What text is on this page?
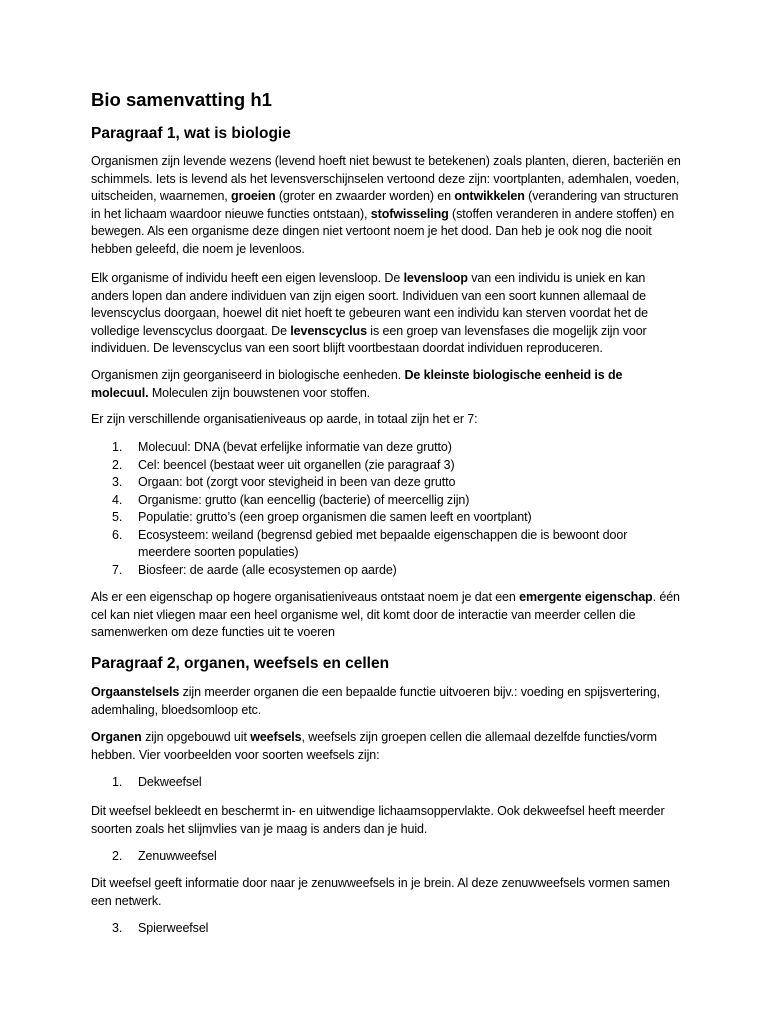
Bio samenvatting h1
Paragraaf 1, wat is biologie

Organismen zijn levende wezens (levend hoeft niet bewust te betekenen) zoals planten, dieren, bacteriën en schimmels. Iets is levend als het levensverschijnselen vertoond deze zijn: voortplanten, ademhalen, voeden, uitscheiden, waarnemen, groeien (groter en zwaarder worden) en ontwikkelen (verandering van structuren in het lichaam waardoor nieuwe functies ontstaan), stofwisseling (stoffen veranderen in andere stoffen) en bewegen. Als een organisme deze dingen niet vertoont noem je het dood. Dan heb je ook nog die nooit hebben geleefd, die noem je levenloos.

Elk organisme of individu heeft een eigen levensloop. De levensloop van een individu is uniek en kan anders lopen dan andere individuen van zijn eigen soort. Individuen van een soort kunnen allemaal de levenscyclus doorgaan, hoewel dit niet hoeft te gebeuren want een individu kan sterven voordat het de volledige levenscyclus doorgaat. De levenscyclus is een groep van levensfases die mogelijk zijn voor individuen. De levenscyclus van een soort blijft voortbestaan doordat individuen reproduceren.

Organismen zijn georganiseerd in biologische eenheden. De kleinste biologische eenheid is de molecuul. Moleculen zijn bouwstenen voor stoffen.

Er zijn verschillende organisatieniveaus op aarde, in totaal zijn het er 7:

1. Molecuul: DNA (bevat erfelijke informatie van deze grutto)
2. Cel: beencel (bestaat weer uit organellen (zie paragraaf 3)
3. Orgaan: bot (zorgt voor stevigheid in been van deze grutto
4. Organisme: grutto (kan eencellig (bacterie) of meercellig zijn)
5. Populatie: grutto’s (een groep organismen die samen leeft en voortplant)
6. Ecosysteem: weiland (begrensd gebied met bepaalde eigenschappen die is bewoont door meerdere soorten populaties)
7. Biosfeer: de aarde (alle ecosystemen op aarde)

Als er een eigenschap op hogere organisatieniveaus ontstaat noem je dat een emergente eigenschap. één cel kan niet vliegen maar een heel organisme wel, dit komt door de interactie van meerder cellen die samenwerken om deze functies uit te voeren

Paragraaf 2, organen, weefsels en cellen

Orgaanstelsels zijn meerder organen die een bepaalde functie uitvoeren bijv.: voeding en spijsvertering, ademhaling, bloedsomloop etc.

Organen zijn opgebouwd uit weefsels, weefsels zijn groepen cellen die allemaal dezelfde functies/vorm hebben. Vier voorbeelden voor soorten weefsels zijn:

1. Dekweefsel

Dit weefsel bekleedt en beschermt in- en uitwendige lichaamsoppervlakte. Ook dekweefsel heeft meerder soorten zoals het slijmvlies van je maag is anders dan je huid.

2. Zenuwweefsel

Dit weefsel geeft informatie door naar je zenuwweefsels in je brein. Al deze zenuwweefsels vormen samen een netwerk.

3. Spierweefsel
